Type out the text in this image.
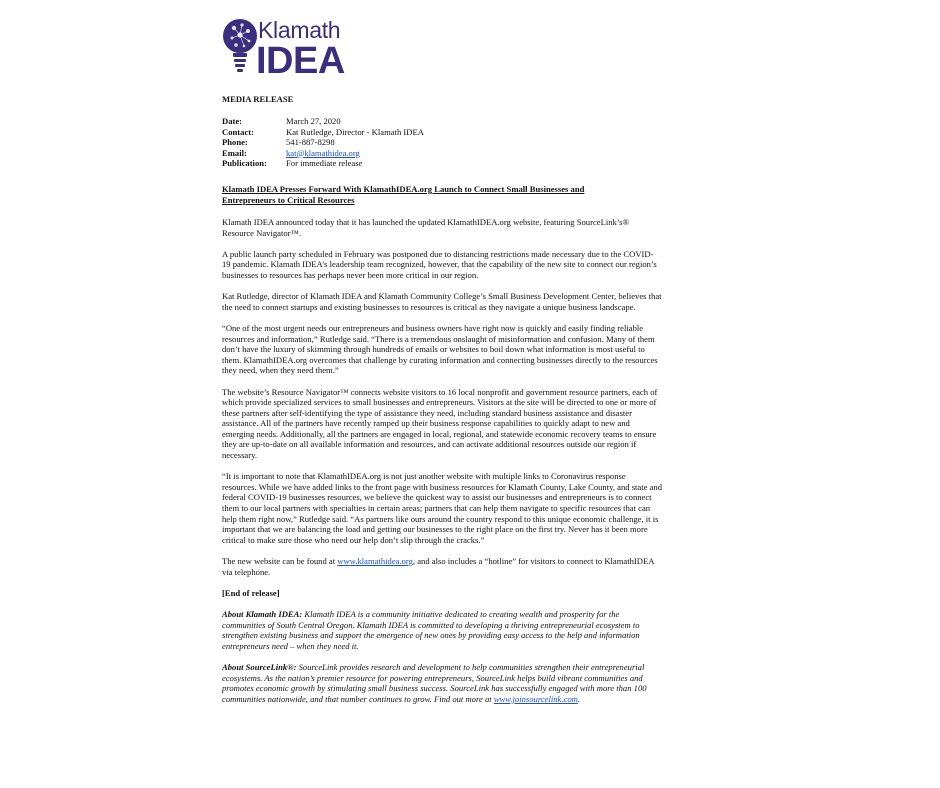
Klamath
IDEA
MEDIA RELEASE
Date:	March 27, 2020
Contact:	Kat Rutledge, Director - Klamath IDEA
Phone:	541-887-8298
Email:	kat@klamathidea.org
Publication:	For immediate release
Klamath IDEA Presses Forward With KlamathIDEA.org Launch to Connect Small Businesses and
Entrepreneurs to Critical Resources

Klamath IDEA announced today that it has launched the updated KlamathIDEA.org website, featuring SourceLink’s® Resource Navigator™.

A public launch party scheduled in February was postponed due to distancing restrictions made necessary due to the COVID-19 pandemic. Klamath IDEA’s leadership team recognized, however, that the capability of the new site to connect our region’s businesses to resources has perhaps never been more critical in our region.

Kat Rutledge, director of Klamath IDEA and Klamath Community College’s Small Business Development Center, believes that the need to connect startups and existing businesses to resources is critical as they navigate a unique business landscape.

“One of the most urgent needs our entrepreneurs and business owners have right now is quickly and easily finding reliable resources and information,” Rutledge said. “There is a tremendous onslaught of misinformation and confusion. Many of them don’t have the luxury of skimming through hundreds of emails or websites to boil down what information is most useful to them. KlamathIDEA.org overcomes that challenge by curating information and connecting businesses directly to the resources they need, when they need them.”

The website’s Resource Navigator™ connects website visitors to 16 local nonprofit and government resource partners, each of which provide specialized services to small businesses and entrepreneurs. Visitors at the site will be directed to one or more of these partners after self-identifying the type of assistance they need, including standard business assistance and disaster assistance. All of the partners have recently ramped up their business response capabilities to quickly adapt to new and emerging needs. Additionally, all the partners are engaged in local, regional, and statewide economic recovery teams to ensure they are up-to-date on all available information and resources, and can activate additional resources outside our region if necessary.

“It is important to note that KlamathIDEA.org is not just another website with multiple links to Coronavirus response resources. While we have added links to the front page with business resources for Klamath County, Lake County, and state and federal COVID-19 businesses resources, we believe the quickest way to assist our businesses and entrepreneurs is to connect them to our local partners with specialties in certain areas; partners that can help them navigate to specific resources that can help them right now,” Rutledge said. “As partners like ours around the country respond to this unique economic challenge, it is important that we are balancing the load and getting our businesses to the right place on the first try. Never has it been more critical to make sure those who need our help don’t slip through the cracks.”

The new website can be found at www.klamathidea.org, and also includes a “hotline” for visitors to connect to KlamathIDEA via telephone.

[End of release]

About Klamath IDEA: Klamath IDEA is a community initiative dedicated to creating wealth and prosperity for the communities of South Central Oregon. Klamath IDEA is committed to developing a thriving entrepreneurial ecosystem to strengthen existing business and support the emergence of new ones by providing easy access to the help and information entrepreneurs need – when they need it.

About SourceLink®: SourceLink provides research and development to help communities strengthen their entrepreneurial ecosystems. As the nation’s premier resource for powering entrepreneurs, SourceLink helps build vibrant communities and promotes economic growth by stimulating small business success. SourceLink has successfully engaged with more than 100 communities nationwide, and that number continues to grow. Find out more at www.joinsourcelink.com.
